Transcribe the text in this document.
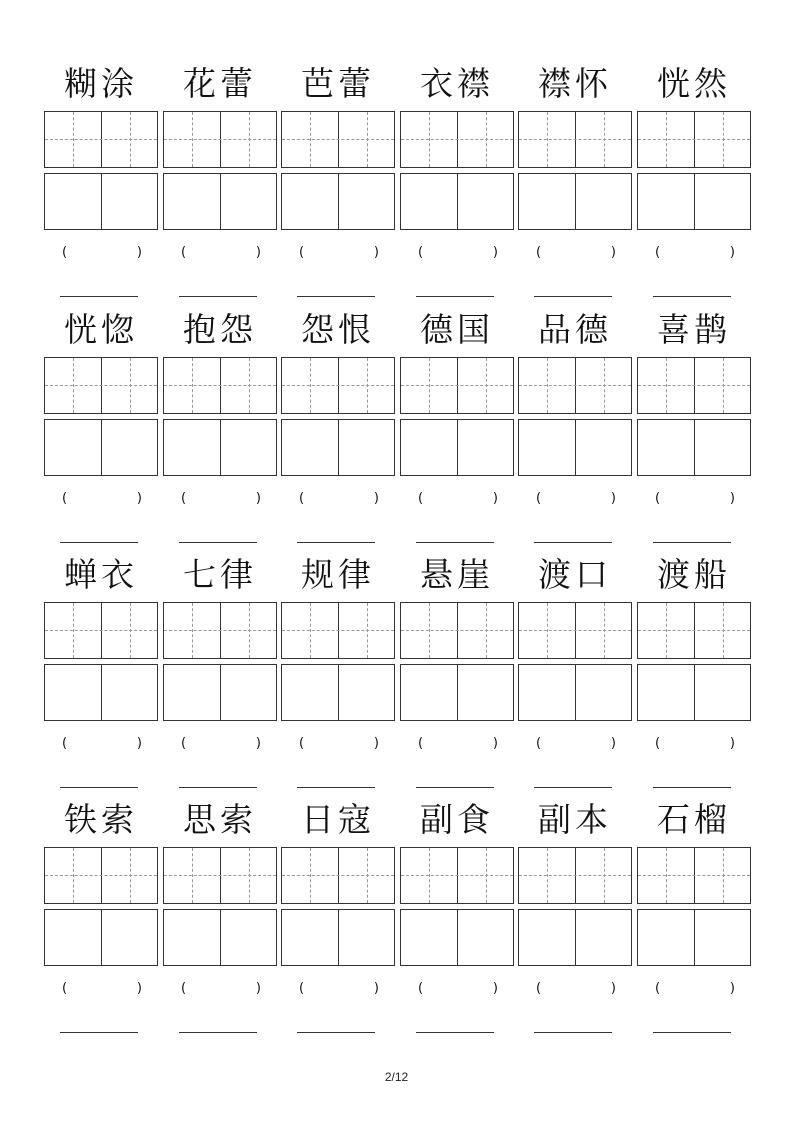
糊涂
(	)
花蕾
(	)
芭蕾
(	)
衣襟
(	)
襟怀
(	)
恍然
(	)
恍惚
(	)
抱怨
(	)
怨恨
(	)
德国
(	)
品德
(	)
喜鹊
(	)
蝉衣
(	)
七律
(	)
规律
(	)
悬崖
(	)
渡口
(	)
渡船
(	)
铁索
(	)
思索
(	)
日寇
(	)
副食
(	)
副本
(	)
石榴
(	)
2/12
